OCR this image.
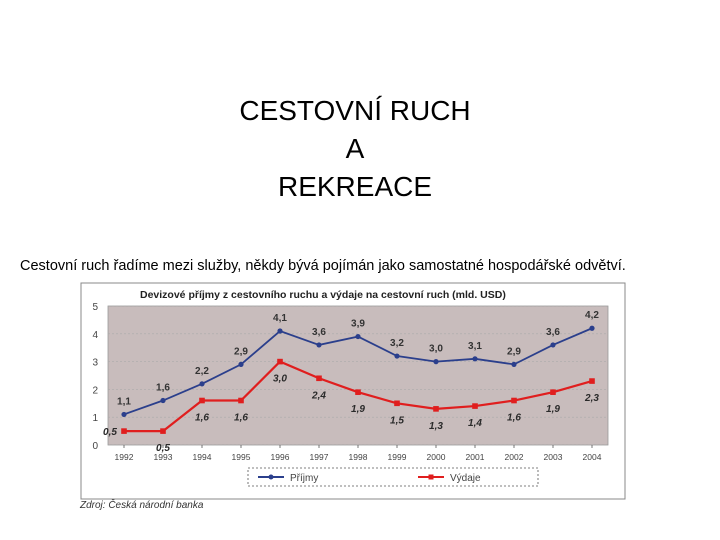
CESTOVNÍ RUCH
A
REKREACE
Cestovní ruch řadíme mezi služby, někdy bývá pojímán jako samostatné hospodářské odvětví.
Devizové příjmy z cestovního ruchu a výdaje na cestovní ruch (mld. USD)
0
1
2
3
4
5
1992 1993 1994 1995 1996 1997 1998 1999 2000 2001 2002 2003 2004
1,1
1,6
2,2
2,9
4,1
3,6
3,9
3,2
3,0	3,1
2,9
3,6
4,2
0,5
0,5
1,6	1,6
3,0
2,4
1,9
1,5
1,3	1,4
1,6
1,9
2,3
Příjmy	Výdaje
Zdroj: Česká národní banka
